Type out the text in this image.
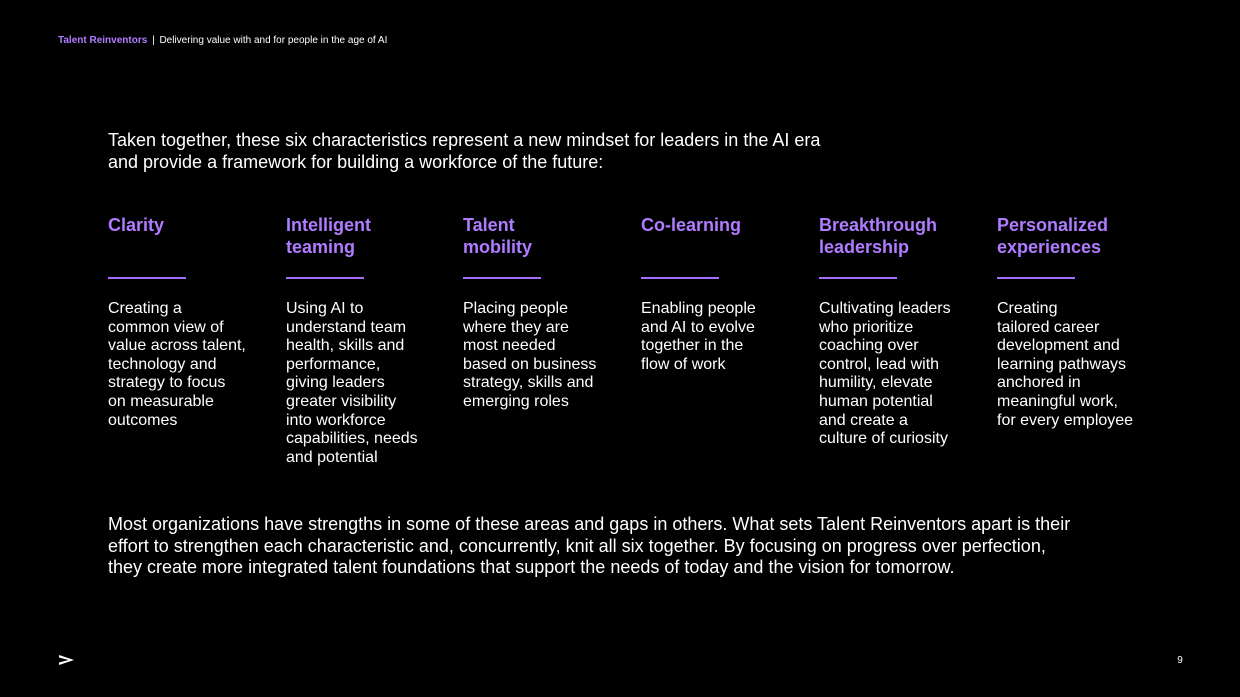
Talent Reinventors | Delivering value with and for people in the age of AI

Taken together, these six characteristics represent a new mindset for leaders in the AI era
and provide a framework for building a workforce of the future:

Clarity

Creating a
common view of
value across talent,
technology and
strategy to focus
on measurable
outcomes

Intelligent
teaming

Using AI to
understand team
health, skills and
performance,
giving leaders
greater visibility
into workforce
capabilities, needs
and potential

Talent
mobility

Placing people
where they are
most needed
based on business
strategy, skills and
emerging roles

Co-learning

Enabling people
and AI to evolve
together in the
flow of work

Breakthrough
leadership

Cultivating leaders
who prioritize
coaching over
control, lead with
humility, elevate
human potential
and create a
culture of curiosity

Personalized
experiences

Creating
tailored career
development and
learning pathways
anchored in
meaningful work,
for every employee

Most organizations have strengths in some of these areas and gaps in others. What sets Talent Reinventors apart is their
effort to strengthen each characteristic and, concurrently, knit all six together. By focusing on progress over perfection,
they create more integrated talent foundations that support the needs of today and the vision for tomorrow.

9
